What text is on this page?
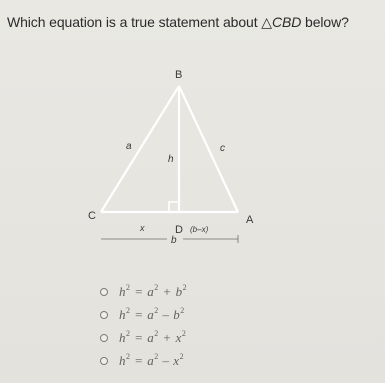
Which equation is a true statement about △CBD below?
B
C
D
A
a	c
h
x	(b–x)
b
$h^2 = a^2 + b^2$
$h^2 = a^2 - b^2$
$h^2 = a^2 + x^2$
$h^2 = a^2 - x^2$
